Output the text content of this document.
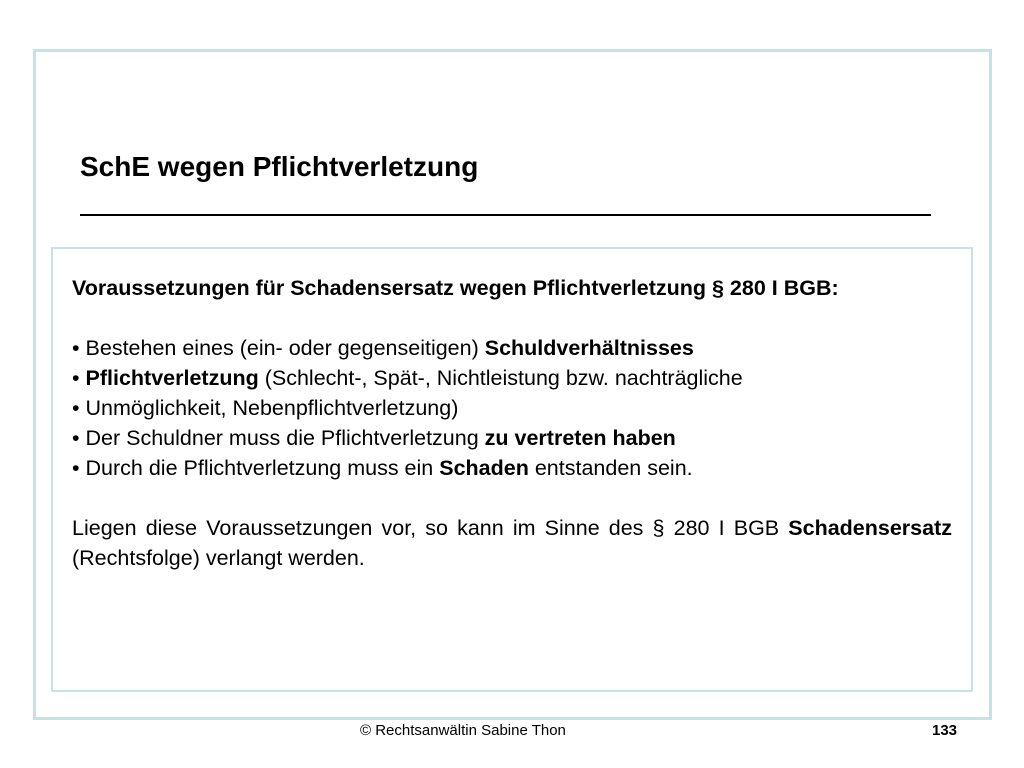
SchE wegen Pflichtverletzung

Voraussetzungen für Schadensersatz wegen Pflichtverletzung § 280 I BGB:

• Bestehen eines (ein- oder gegenseitigen) Schuldverhältnisses
• Pflichtverletzung (Schlecht-, Spät-, Nichtleistung bzw. nachträgliche
• Unmöglichkeit, Nebenpflichtverletzung)
• Der Schuldner muss die Pflichtverletzung zu vertreten haben
• Durch die Pflichtverletzung muss ein Schaden entstanden sein.

Liegen diese Voraussetzungen vor, so kann im Sinne des § 280 I BGB Schadensersatz (Rechtsfolge) verlangt werden.

© Rechtsanwältin Sabine Thon	133
